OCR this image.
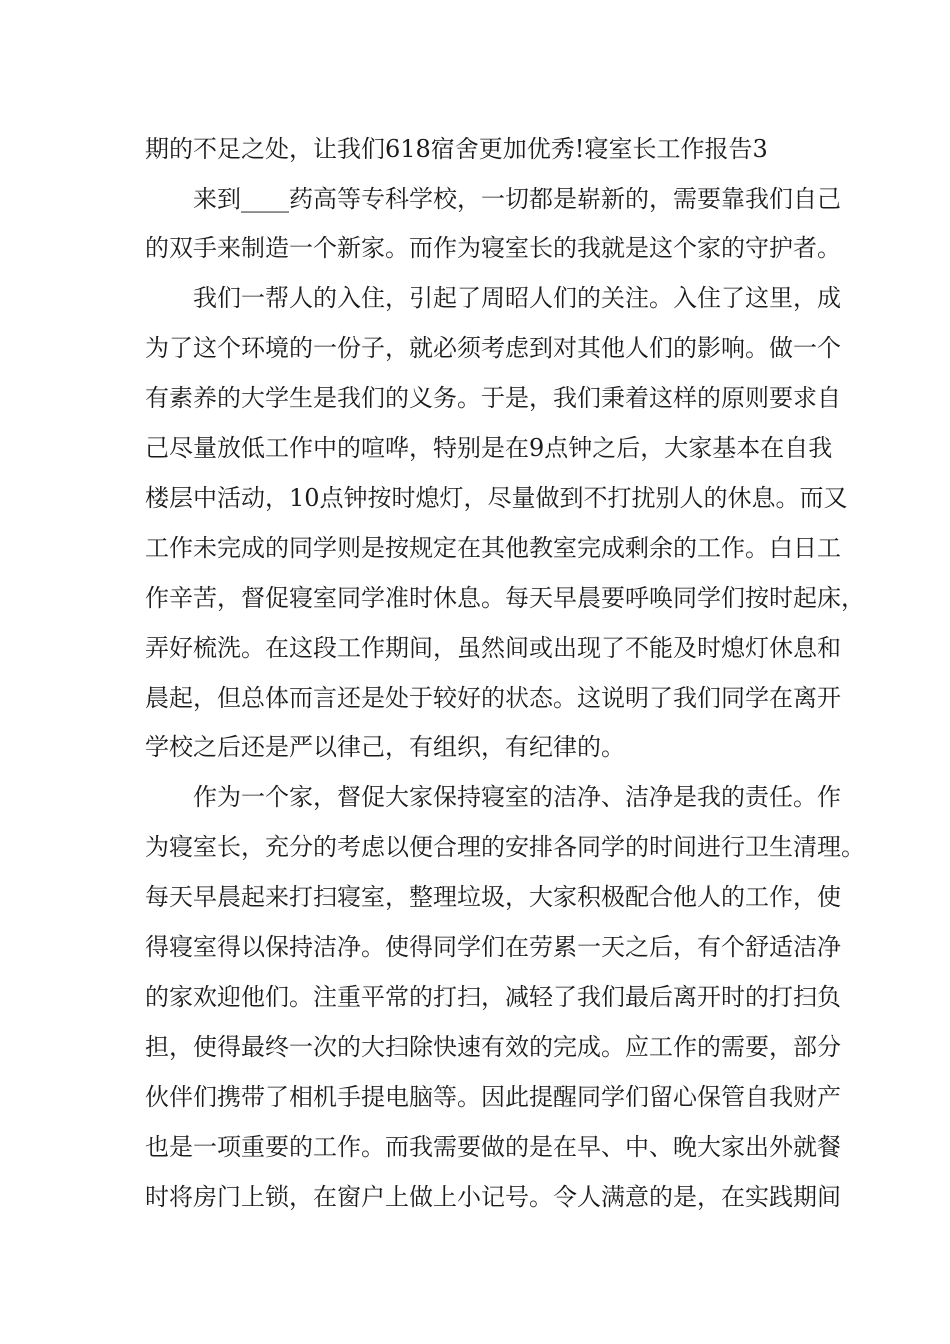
期的不足之处，让我们618宿舍更加优秀!寝室长工作报告3

来到____药高等专科学校，一切都是崭新的，需要靠我们自己

的双手来制造一个新家。而作为寝室长的我就是这个家的守护者。

我们一帮人的入住，引起了周昭人们的关注。入住了这里，成

为了这个环境的一份子，就必须考虑到对其他人们的影响。做一个

有素养的大学生是我们的义务。于是，我们秉着这样的原则要求自

己尽量放低工作中的喧哗，特别是在9点钟之后，大家基本在自我

楼层中活动，10点钟按时熄灯，尽量做到不打扰别人的休息。而又

工作未完成的同学则是按规定在其他教室完成剩余的工作。白日工

作辛苦，督促寝室同学准时休息。每天早晨要呼唤同学们按时起床，

弄好梳洗。在这段工作期间，虽然间或出现了不能及时熄灯休息和

晨起，但总体而言还是处于较好的状态。这说明了我们同学在离开

学校之后还是严以律己，有组织，有纪律的。

作为一个家，督促大家保持寝室的洁净、洁净是我的责任。作

为寝室长，充分的考虑以便合理的安排各同学的时间进行卫生清理。

每天早晨起来打扫寝室，整理垃圾，大家积极配合他人的工作，使

得寝室得以保持洁净。使得同学们在劳累一天之后，有个舒适洁净

的家欢迎他们。注重平常的打扫，减轻了我们最后离开时的打扫负

担，使得最终一次的大扫除快速有效的完成。应工作的需要，部分

伙伴们携带了相机手提电脑等。因此提醒同学们留心保管自我财产

也是一项重要的工作。而我需要做的是在早、中、晚大家出外就餐

时将房门上锁，在窗户上做上小记号。令人满意的是，在实践期间
